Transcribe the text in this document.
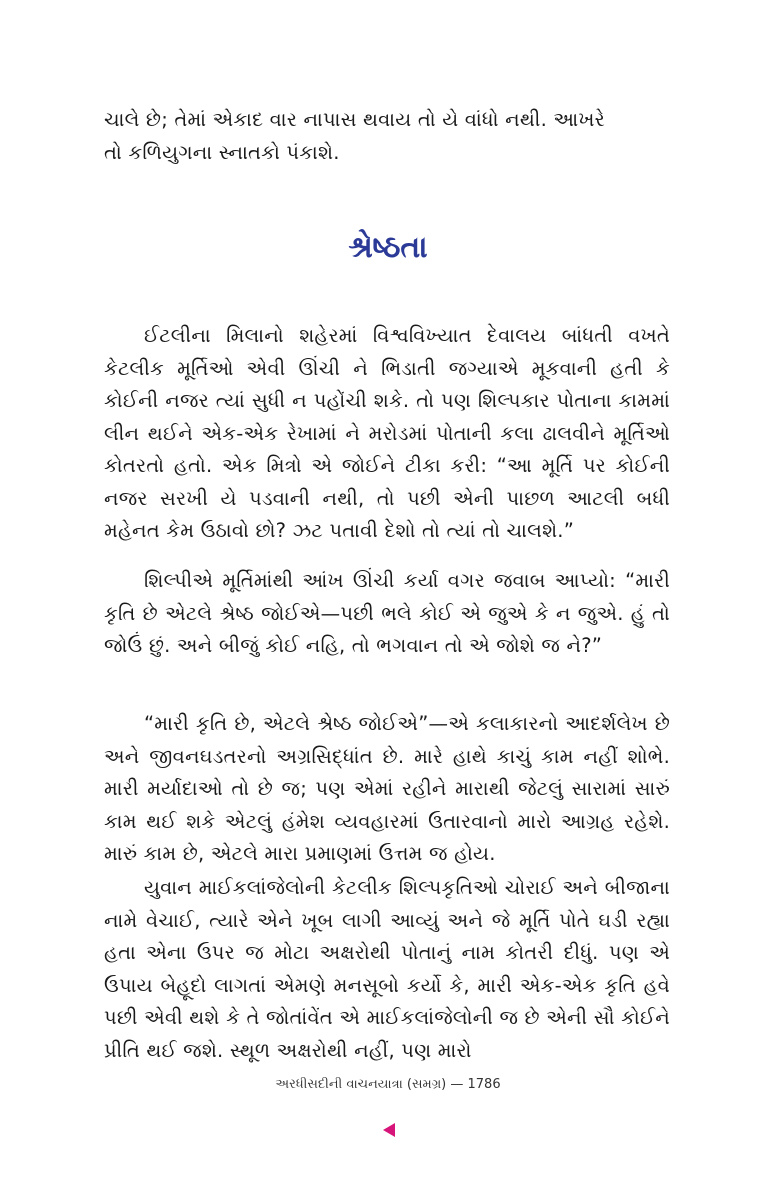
ચાલે છે; તેમાં એકાદ વાર નાપાસ થવાય તો યે વાંધો નથી. આખરે
તો કળિયુગના સ્નાતકો પંકાશે.

શ્રેષ્ઠતા

ઈટલીના મિલાનો શહેરમાં વિશ્વવિખ્યાત દેવાલય બાંધતી વખતે કેટલીક મૂર્તિઓ એવી ઊંચી ને ભિડાતી જગ્યાએ મૂકવાની હતી કે કોઈની નજર ત્યાં સુધી ન પહોંચી શકે. તો પણ શિલ્પકાર પોતાના કામમાં લીન થઈને એક-એક રેખામાં ને મરોડમાં પોતાની કલા ઢાલવીને મૂર્તિઓ કોતરતો હતો. એક મિત્રો એ જોઈને ટીકા કરી: “આ મૂર્તિ પર કોઈની નજર સરખી યે પડવાની નથી, તો પછી એની પાછળ આટલી બધી મહેનત કેમ ઉઠાવો છો? ઝટ પતાવી દેશો તો ત્યાં તો ચાલશે.”

શિલ્પીએ મૂર્તિમાંથી આંખ ઊંચી કર્યા વગર જવાબ આપ્યો: “મારી કૃતિ છે એટલે શ્રેષ્ઠ જોઈએ—પછી ભલે કોઈ એ જુએ કે ન જુએ. હું તો જોઉં છું. અને બીજું કોઈ નહિ, તો ભગવાન તો એ જોશે જ ને?”

“મારી કૃતિ છે, એટલે શ્રેષ્ઠ જોઈએ”—એ કલાકારનો આદર્શલેખ છે અને જીવનઘડતરનો અગ્રસિદ્ધાંત છે. મારે હાથે કાચું કામ નહીં શોભે. મારી મર્યાદાઓ તો છે જ; પણ એમાં રહીને મારાથી જેટલું સારામાં સારું કામ થઈ શકે એટલું હંમેશ વ્યવહારમાં ઉતારવાનો મારો આગ્રહ રહેશે. મારું કામ છે, એટલે મારા પ્રમાણમાં ઉત્તમ જ હોય.

યુવાન માઈકલાંજેલોની કેટલીક શિલ્પકૃતિઓ ચોરાઈ અને બીજાના નામે વેચાઈ, ત્યારે એને ખૂબ લાગી આવ્યું અને જે મૂર્તિ પોતે ઘડી રહ્યા હતા એના ઉપર જ મોટા અક્ષરોથી પોતાનું નામ કોતરી દીધું. પણ એ ઉપાય બેહૂદો લાગતાં એમણે મનસૂબો કર્યો કે, મારી એક-એક કૃતિ હવે પછી એવી થશે કે તે જોતાંવેંત એ માઈકલાંજેલોની જ છે એની સૌ કોઈને પ્રીતિ થઈ જશે. સ્થૂળ અક્ષરોથી નહીં, પણ મારો

અરધીસદીની વાચનયાત્રા (સમગ્ર) — 1786
